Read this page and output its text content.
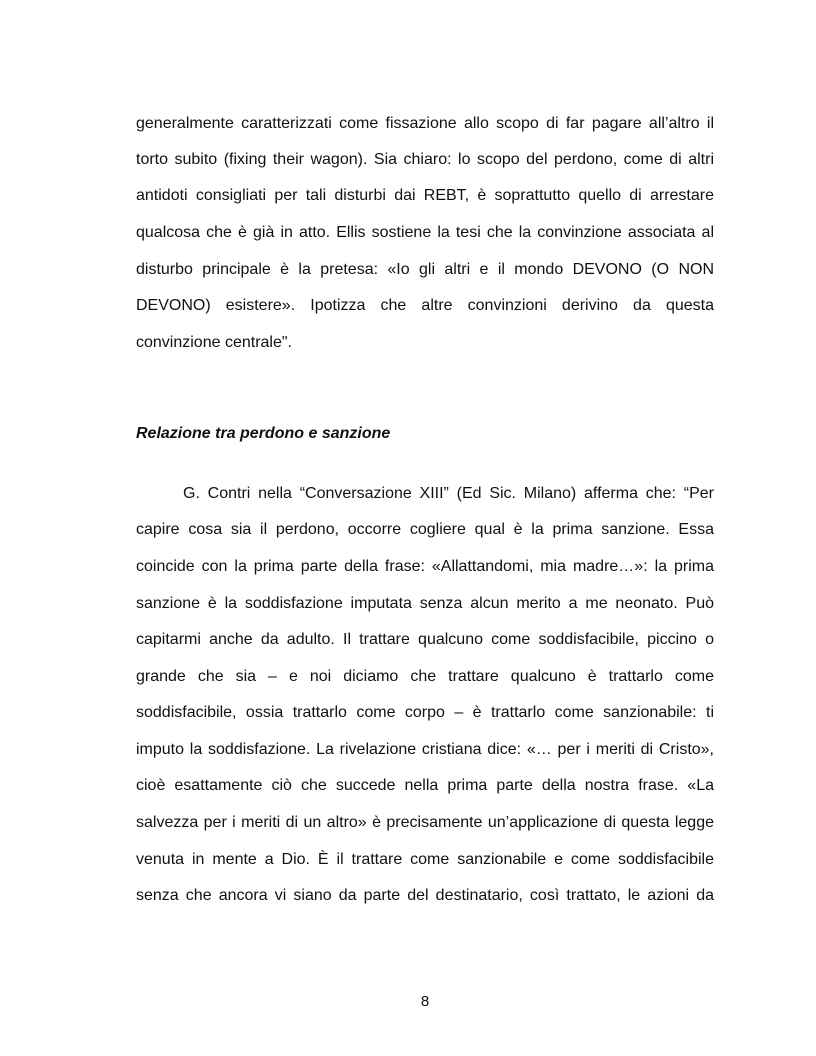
generalmente caratterizzati come fissazione allo scopo di far pagare all’altro il
torto subito (fixing their wagon). Sia chiaro: lo scopo del perdono, come di altri
antidoti consigliati per tali disturbi dai REBT, è soprattutto quello di arrestare
qualcosa che è già in atto. Ellis sostiene la tesi che la convinzione associata al
disturbo principale è la pretesa: «Io gli altri e il mondo DEVONO (O NON
DEVONO) esistere». Ipotizza che altre convinzioni derivino da questa
convinzione centrale".
Relazione tra perdono e sanzione
G. Contri nella “Conversazione XIII” (Ed Sic. Milano) afferma che: “Per
capire cosa sia il perdono, occorre cogliere qual è la prima sanzione. Essa
coincide con la prima parte della frase: «Allattandomi, mia madre…»: la prima
sanzione è la soddisfazione imputata senza alcun merito a me neonato. Può
capitarmi anche da adulto. Il trattare qualcuno come soddisfacibile, piccino o
grande che sia – e noi diciamo che trattare qualcuno è trattarlo come
soddisfacibile, ossia trattarlo come corpo – è trattarlo come sanzionabile: ti
imputo la soddisfazione. La rivelazione cristiana dice: «… per i meriti di Cristo»,
cioè esattamente ciò che succede nella prima parte della nostra frase. «La
salvezza per i meriti di un altro» è precisamente un’applicazione di questa legge
venuta in mente a Dio. È il trattare come sanzionabile e come soddisfacibile
senza che ancora vi siano da parte del destinatario, così trattato, le azioni da
8
